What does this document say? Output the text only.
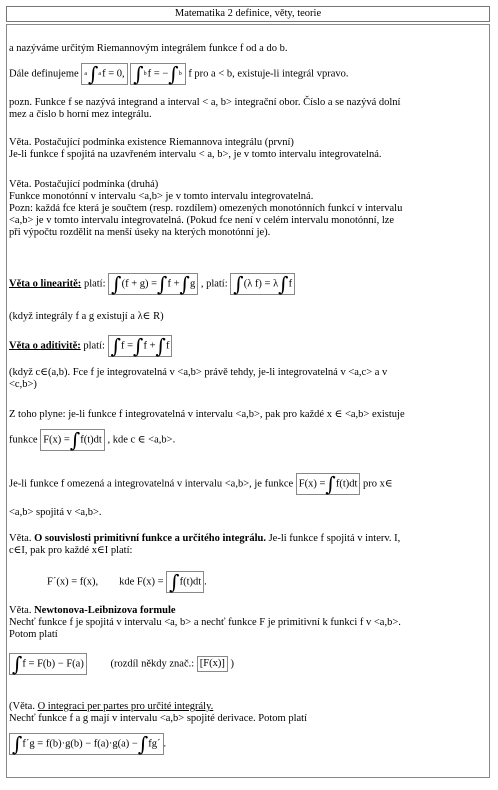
Matematika 2 definice, věty, teorie
a nazýváme určitým Riemannovým integrálem funkce f od a do b.
Dále definujeme a∫af = 0, ∫bf = −∫b f pro a < b, existuje-li integrál vpravo.
pozn. Funkce f se nazývá integrand a interval < a, b> integrační obor. Číslo a se nazývá dolní
mez a číslo b horní mez integrálu.
Věta. Postačující podmínka existence Riemannova integrálu (první)
Je-li funkce f spojitá na uzavřeném intervalu < a, b>, je v tomto intervalu integrovatelná.
Věta. Postačující podmínka (druhá)
Funkce monotónní v intervalu <a,b> je v tomto intervalu integrovatelná.
Pozn: každá fce která je součtem (resp. rozdílem) omezených monotónních funkcí v intervalu
<a,b> je v tomto intervalu integrovatelná. (Pokud fce není v celém intervalu monotónní, lze
při výpočtu rozdělit na menší úseky na kterých monotónní je).
Věta o linearitě: platí: ∫(f + g) =∫f +∫g , platí: ∫(λ f) = λ∫f
(když integrály f a g existují a λ∈ R)
Věta o aditivitě: platí: ∫f =∫f +∫f
(když c∈(a,b). Fce f je integrovatelná v <a,b> právě tehdy, je-li integrovatelná v <a,c> a v
<c,b>)
Z toho plyne: je-li funkce f integrovatelná v intervalu <a,b>, pak pro každé x ∈ <a,b> existuje
funkce F(x) =∫f(t)dt , kde c ∈ <a,b>.
Je-li funkce f omezená a integrovatelná v intervalu <a,b>, je funkce F(x) =∫f(t)dt pro x∈
<a,b> spojitá v <a,b>.
Věta. O souvislosti primitivní funkce a určitého integrálu. Je-li funkce f spojitá v interv. I,
c∈I, pak pro každé x∈I platí:
F´(x) = f(x), kde F(x) = ∫f(t)dt .
Věta. Newtonova-Leibnizova formule
Nechť funkce f je spojitá v intervalu <a, b> a nechť funkce F je primitivní k funkci f v <a,b>.
Potom platí
∫f = F(b) − F(a)	(rozdíl někdy znač.: [F(x)] )
(Věta. O integraci per partes pro určité integrály.
Nechť funkce f a g mají v intervalu <a,b> spojité derivace. Potom platí
∫f´g = f(b)·g(b) − f(a)·g(a) −∫fg´ .
